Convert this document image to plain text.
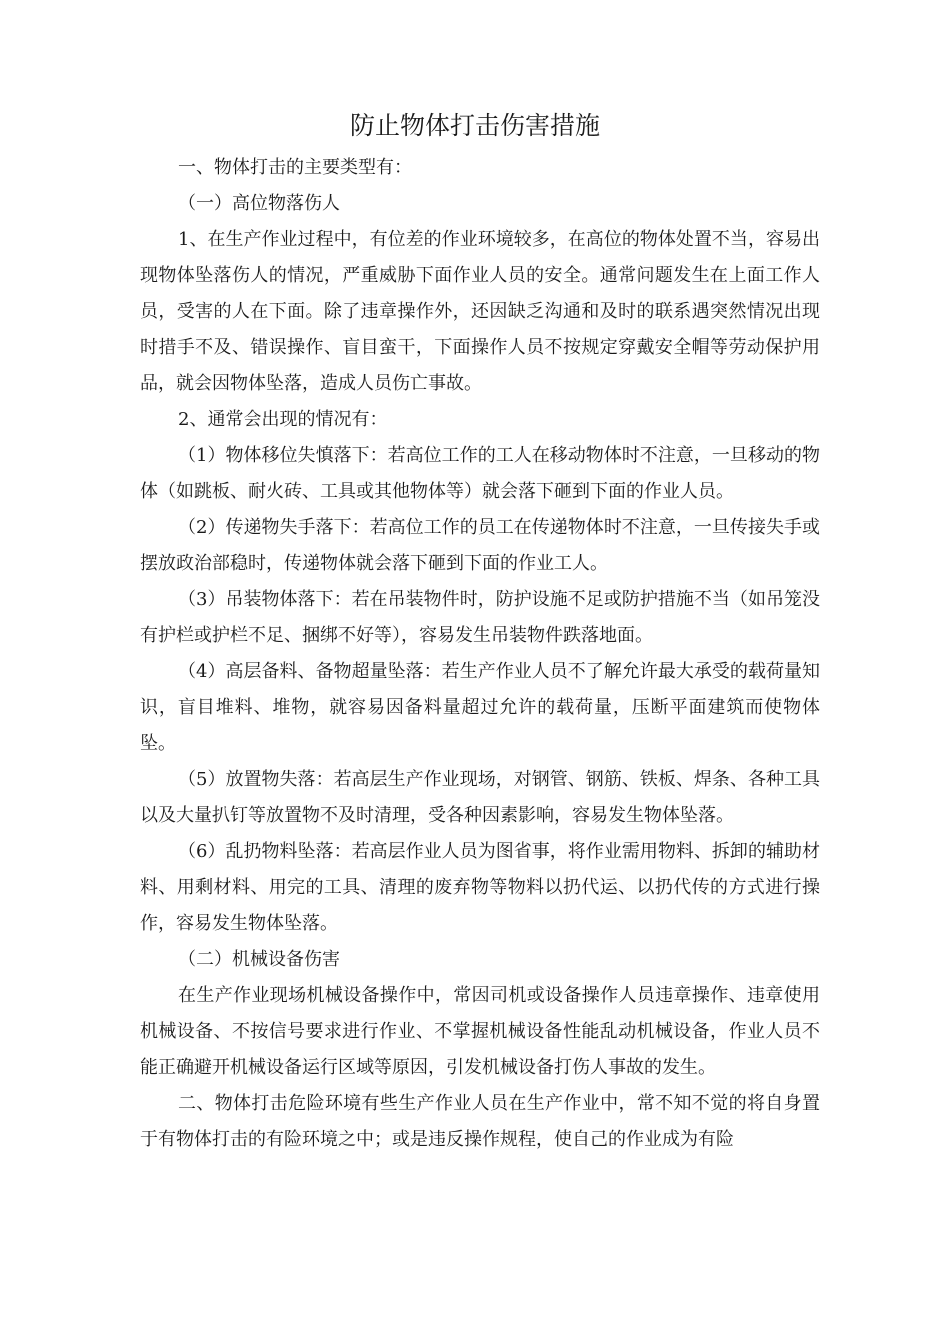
防止物体打击伤害措施

一、物体打击的主要类型有：

（一）高位物落伤人

1、在生产作业过程中，有位差的作业环境较多，在高位的物体处置不当，容易出现物体坠落伤人的情况，严重威胁下面作业人员的安全。通常问题发生在上面工作人员，受害的人在下面。除了违章操作外，还因缺乏沟通和及时的联系遇突然情况出现时措手不及、错误操作、盲目蛮干，下面操作人员不按规定穿戴安全帽等劳动保护用品，就会因物体坠落，造成人员伤亡事故。

2、通常会出现的情况有：

（1）物体移位失慎落下：若高位工作的工人在移动物体时不注意，一旦移动的物体（如跳板、耐火砖、工具或其他物体等）就会落下砸到下面的作业人员。

（2）传递物失手落下：若高位工作的员工在传递物体时不注意，一旦传接失手或摆放政治部稳时，传递物体就会落下砸到下面的作业工人。

（3）吊装物体落下：若在吊装物件时，防护设施不足或防护措施不当（如吊笼没有护栏或护栏不足、捆绑不好等），容易发生吊装物件跌落地面。

（4）高层备料、备物超量坠落：若生产作业人员不了解允许最大承受的载荷量知识，盲目堆料、堆物，就容易因备料量超过允许的载荷量，压断平面建筑而使物体坠。

（5）放置物失落：若高层生产作业现场，对钢管、钢筋、铁板、焊条、各种工具以及大量扒钉等放置物不及时清理，受各种因素影响，容易发生物体坠落。

（6）乱扔物料坠落：若高层作业人员为图省事，将作业需用物料、拆卸的辅助材料、用剩材料、用完的工具、清理的废弃物等物料以扔代运、以扔代传的方式进行操作，容易发生物体坠落。

（二）机械设备伤害

在生产作业现场机械设备操作中，常因司机或设备操作人员违章操作、违章使用机械设备、不按信号要求进行作业、不掌握机械设备性能乱动机械设备，作业人员不能正确避开机械设备运行区域等原因，引发机械设备打伤人事故的发生。

二、物体打击危险环境有些生产作业人员在生产作业中，常不知不觉的将自身置于有物体打击的有险环境之中；或是违反操作规程，使自己的作业成为有险
